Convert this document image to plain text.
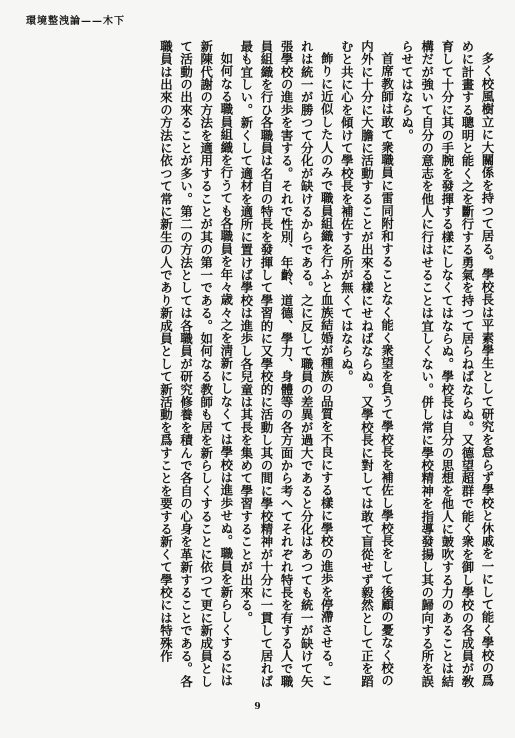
環境整洩論——木下

多く校風樹立に大關係を持つて居る。學校長は平素學生として研究を怠らず學校と休戚を一にして能く學校の爲めに計畫する聰明と能く之を斷行する勇氣を持つて居らねばならぬ。又德望超群で能く衆を御し學校の各成員が敎育して十分に其の手腕を發揮する樣にしなくてはならぬ。學校長は自分の思想を他人に皷吹する力のあることは結構だが強いて自分の意志を他人に行はせることは宜しくない。併し常に學校精神を指導發揚し其の歸向する所を誤らせてはならぬ。

首席教師は敢て衆職員に雷同附和することなく能く衆望を負うて學校長を補佐し學校長をして後顧の憂なく校の内外に十分に大膽に活動することが出來る樣にせねばならぬ。又學校長に對しては敢て盲從せず毅然として正を蹈むと共に心を傾けて學校長を補佐する所が無くてはならぬ。

飾りに近似した人のみで職員組織を行ふと血族結婚が種族の品質を不良にする樣に學校の進歩を停滯させる。これは統一が勝つて分化が缺けるからである。之に反して職員の差異が過大であると分化はあつても統一が缺けて矢張學校の進歩を害する。それで性別、年齡、道德、學力、身體等の各方面から考へてそれぞれ特長を有する人で職員組織を行ひ各職員は名自の特長を發揮して學習的に又學校的に活動し其の間に學校精神が十分に一貫して居れば最も宜しい。新くして適材を適所に置けば學校は進歩し各兒童は其長を集めて學習することが出來る。

如何なる職員組織を行うても各職員を年々歳々之を淸新にしなくては學校は進歩せぬ。職員を新らしくするには新陳代謝の方法を適用することが其の第一である。如何なる教師も居を新らしくすることに依つて更に新成員として活動の出來ることが多い。第二の方法としては各職員が研究修養を積んで各自の心身を革新することである。各職員は出來の方法に依つて常に新生の人であり新成員として新活動を爲すことを要する新くて學校には特殊作

9
